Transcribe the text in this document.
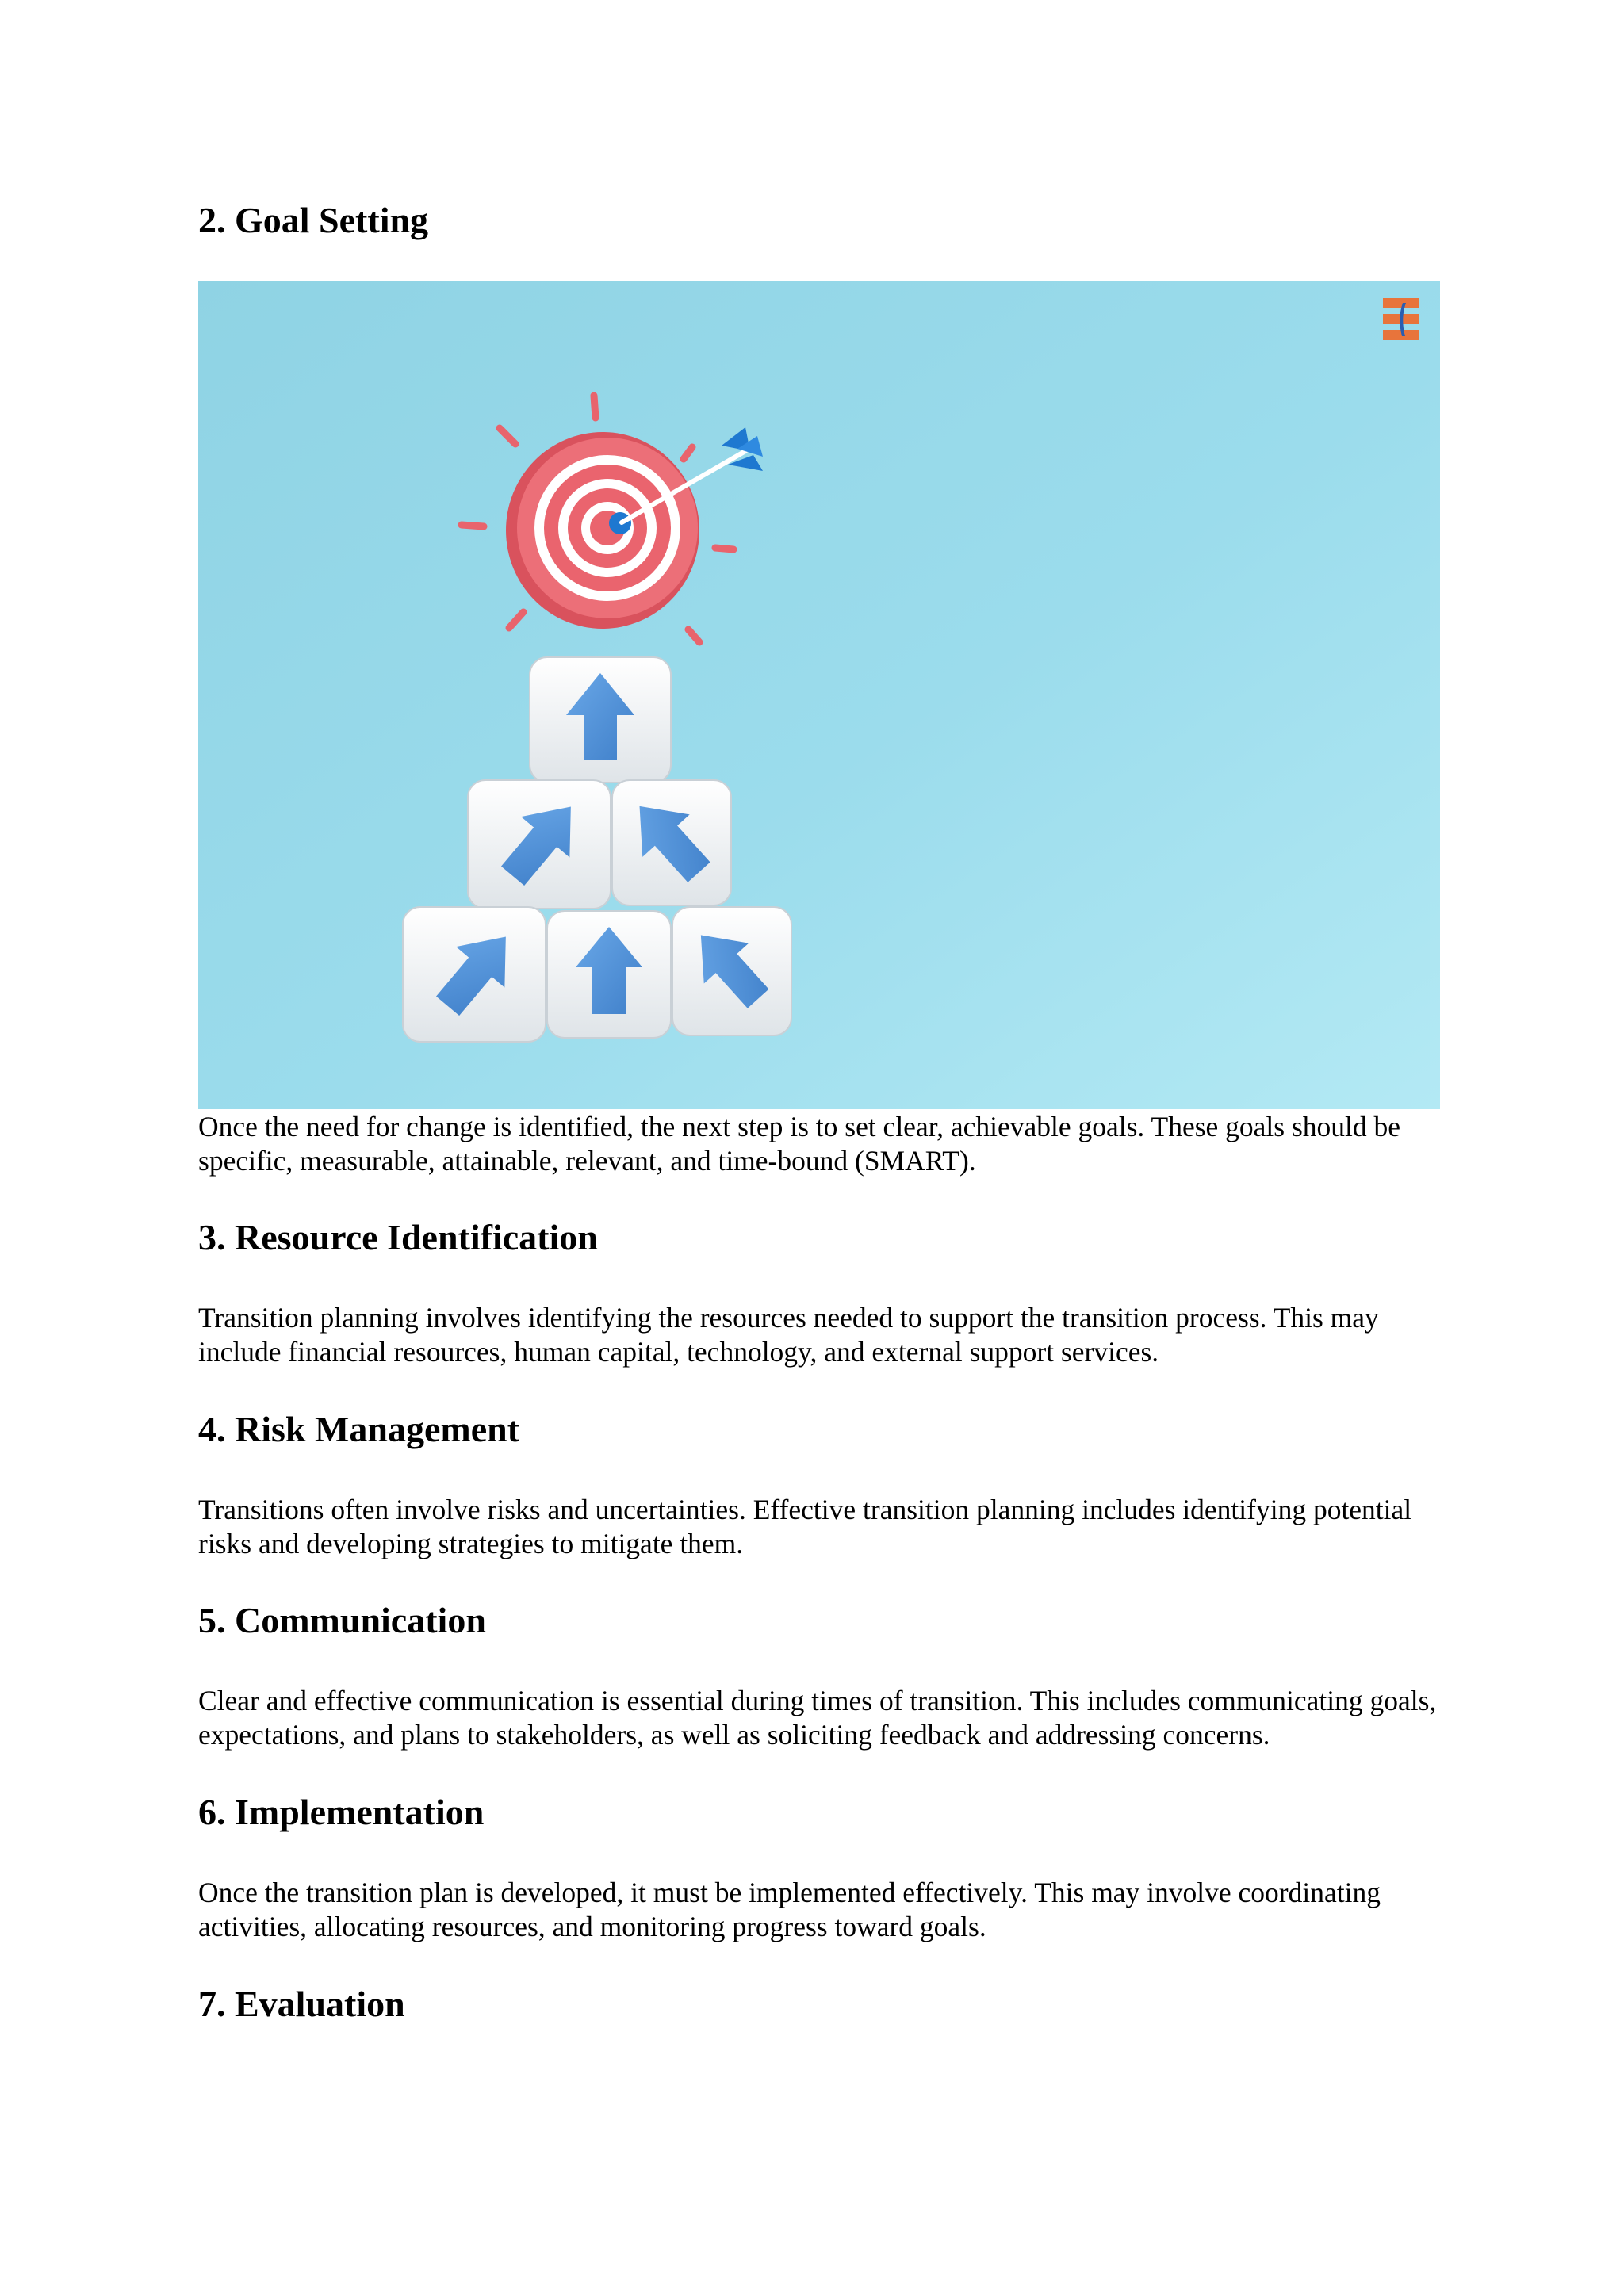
2. Goal Setting

Once the need for change is identified, the next step is to set clear, achievable goals. These goals should be specific, measurable, attainable, relevant, and time-bound (SMART).

3. Resource Identification

Transition planning involves identifying the resources needed to support the transition process. This may include financial resources, human capital, technology, and external support services.

4. Risk Management

Transitions often involve risks and uncertainties. Effective transition planning includes identifying potential risks and developing strategies to mitigate them.

5. Communication

Clear and effective communication is essential during times of transition. This includes communicating goals, expectations, and plans to stakeholders, as well as soliciting feedback and addressing concerns.

6. Implementation

Once the transition plan is developed, it must be implemented effectively. This may involve coordinating activities, allocating resources, and monitoring progress toward goals.

7. Evaluation
